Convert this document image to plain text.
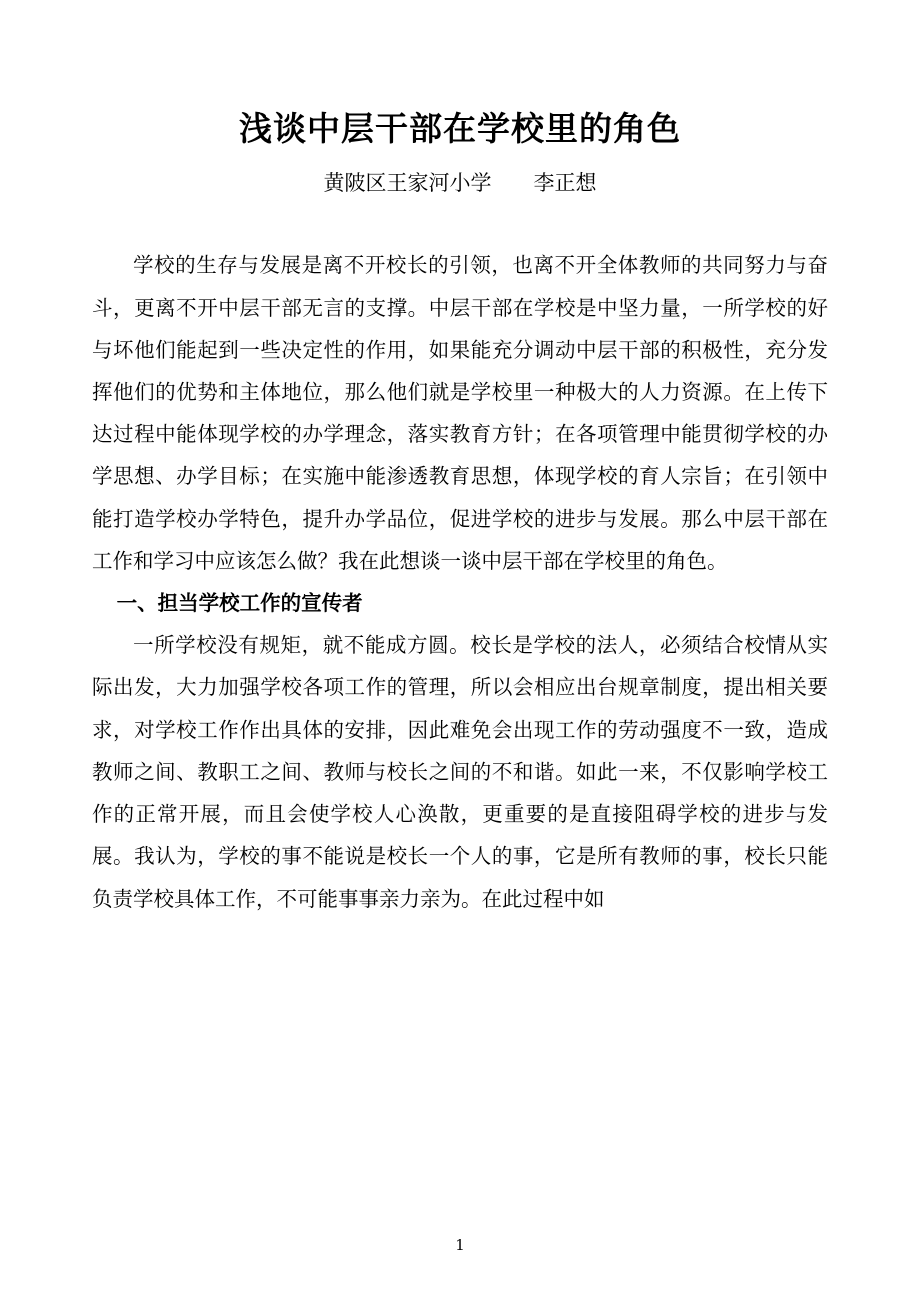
浅谈中层干部在学校里的角色
黄陂区王家河小学　　李正想

学校的生存与发展是离不开校长的引领，也离不开全体教师的共同努力与奋斗，更离不开中层干部无言的支撑。中层干部在学校是中坚力量，一所学校的好与坏他们能起到一些决定性的作用，如果能充分调动中层干部的积极性，充分发挥他们的优势和主体地位，那么他们就是学校里一种极大的人力资源。在上传下达过程中能体现学校的办学理念，落实教育方针；在各项管理中能贯彻学校的办学思想、办学目标；在实施中能渗透教育思想，体现学校的育人宗旨；在引领中能打造学校办学特色，提升办学品位，促进学校的进步与发展。那么中层干部在工作和学习中应该怎么做？我在此想谈一谈中层干部在学校里的角色。

一、担当学校工作的宣传者

一所学校没有规矩，就不能成方圆。校长是学校的法人，必须结合校情从实际出发，大力加强学校各项工作的管理，所以会相应出台规章制度，提出相关要求，对学校工作作出具体的安排，因此难免会出现工作的劳动强度不一致，造成教师之间、教职工之间、教师与校长之间的不和谐。如此一来，不仅影响学校工作的正常开展，而且会使学校人心涣散，更重要的是直接阻碍学校的进步与发展。我认为，学校的事不能说是校长一个人的事，它是所有教师的事，校长只能负责学校具体工作，不可能事事亲力亲为。在此过程中如

1
